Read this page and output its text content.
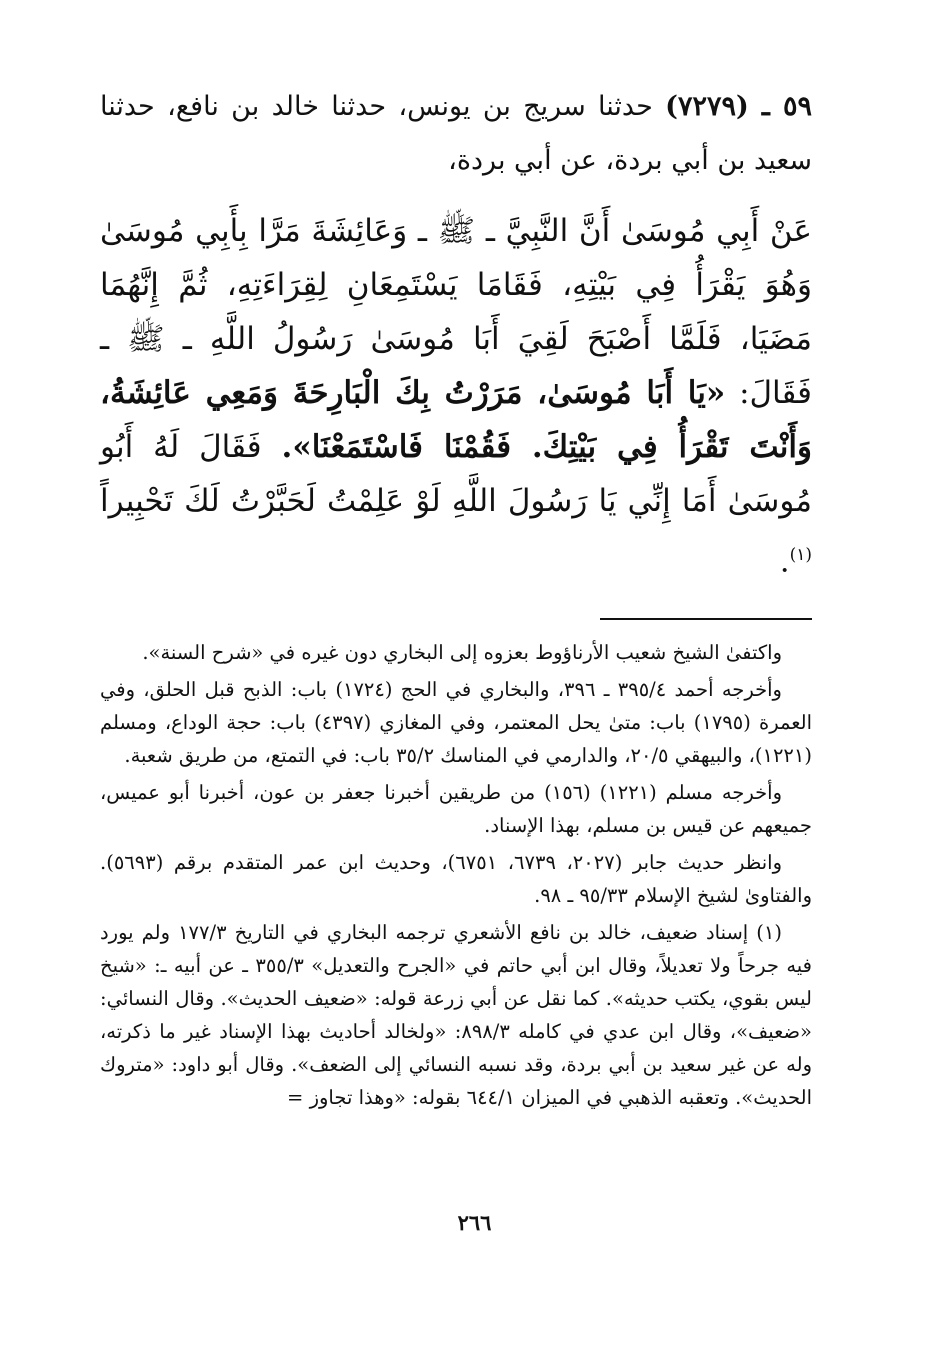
٥٩ ـ (٧٢٧٩) حدثنا سريج بن يونس، حدثنا خالد بن نافع، حدثنا سعيد بن أبي بردة، عن أبي بردة،

عَنْ أَبِي مُوسَىٰ أَنَّ النَّبِيَّ ـ ﷺ ـ وَعَائِشَةَ مَرَّا بِأَبِي مُوسَىٰ وَهُوَ يَقْرَأُ فِي بَيْتِهِ، فَقَامَا يَسْتَمِعَانِ لِقِرَاءَتِهِ، ثُمَّ إِنَّهُمَا مَضَيَا، فَلَمَّا أَصْبَحَ لَقِيَ أَبَا مُوسَىٰ رَسُولُ اللَّهِ ـ ﷺ ـ فَقَالَ: «يَا أَبَا مُوسَىٰ، مَرَرْتُ بِكَ الْبَارِحَةَ وَمَعِي عَائِشَةُ، وَأَنْتَ تَقْرَأُ فِي بَيْتِكَ. فَقُمْنَا فَاسْتَمَعْنَا». فَقَالَ لَهُ أَبُو مُوسَىٰ أَمَا إِنِّي يَا رَسُولَ اللَّهِ لَوْ عَلِمْتُ لَحَبَّرْتُ لَكَ تَحْبِيراً $^{(١)}$.

واكتفىٰ الشيخ شعيب الأرناؤوط بعزوه إلى البخاري دون غيره في «شرح السنة».

وأخرجه أحمد ٣٩٥/٤ ـ ٣٩٦، والبخاري في الحج (١٧٢٤) باب: الذبح قبل الحلق، وفي العمرة (١٧٩٥) باب: متىٰ يحل المعتمر، وفي المغازي (٤٣٩٧) باب: حجة الوداع، ومسلم (١٢٢١)، والبيهقي ٢٠/٥، والدارمي في المناسك ٣٥/٢ باب: في التمتع، من طريق شعبة.

وأخرجه مسلم (١٢٢١) (١٥٦) من طريقين أخبرنا جعفر بن عون، أخبرنا أبو عميس، جميعهم عن قيس بن مسلم، بهذا الإسناد.

وانظر حديث جابر (٢٠٢٧، ٦٧٣٩، ٦٧٥١)، وحديث ابن عمر المتقدم برقم (٥٦٩٣). والفتاوىٰ لشيخ الإسلام ٩٥/٣٣ ـ ٩٨.

(١) إسناد ضعيف، خالد بن نافع الأشعري ترجمه البخاري في التاريخ ١٧٧/٣ ولم يورد فيه جرحاً ولا تعديلاً، وقال ابن أبي حاتم في «الجرح والتعديل» ٣٥٥/٣ ـ عن أبيه ـ: «شيخ ليس بقوي، يكتب حديثه». كما نقل عن أبي زرعة قوله: «ضعيف الحديث». وقال النسائي: «ضعيف»، وقال ابن عدي في كامله ٨٩٨/٣: «ولخالد أحاديث بهذا الإسناد غير ما ذكرته، وله عن غير سعيد بن أبي بردة، وقد نسبه النسائي إلى الضعف». وقال أبو داود: «متروك الحديث». وتعقبه الذهبي في الميزان ٦٤٤/١ بقوله: «وهذا تجاوز =

٢٦٦
